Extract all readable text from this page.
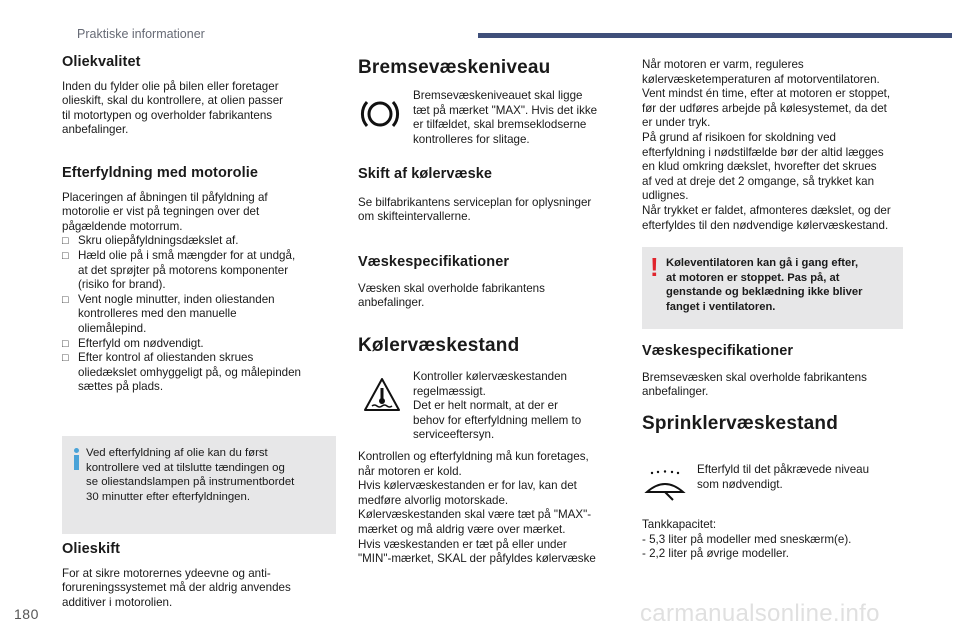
Praktiske informationer
Oliekvalitet

Inden du fylder olie på bilen eller foretager
olieskift, skal du kontrollere, at olien passer
til motortypen og overholder fabrikantens
anbefalinger.

Efterfyldning med motorolie

Placeringen af åbningen til påfyldning af
motorolie er vist på tegningen over det
pågældende motorrum.

□ Skru oliepåfyldningsdækslet af.
□ Hæld olie på i små mængder for at undgå,
at det sprøjter på motorens komponenter
(risiko for brand).
□ Vent nogle minutter, inden oliestanden
kontrolleres med den manuelle
oliemålepind.
□ Efterfyld om nødvendigt.
□ Efter kontrol af oliestanden skrues
oliedækslet omhyggeligt på, og målepinden
sættes på plads.
Ved efterfyldning af olie kan du først
kontrollere ved at tilslutte tændingen og
se oliestandslampen på instrumentbordet
30 minutter efter efterfyldningen.
Olieskift

For at sikre motorernes ydeevne og anti-
forureningssystemet må der aldrig anvendes
additiver i motorolien.

Bremsevæskeniveau

Bremsevæskeniveauet skal ligge
tæt på mærket "MAX". Hvis det ikke
er tilfældet, skal bremseklodserne
kontrolleres for slitage.

Skift af kølervæske

Se bilfabrikantens serviceplan for oplysninger
om skifteintervallerne.

Væskespecifikationer

Væsken skal overholde fabrikantens
anbefalinger.

Kølervæskestand

Kontroller kølervæskestanden
regelmæssigt.
Det er helt normalt, at der er
behov for efterfyldning mellem to
serviceeftersyn.

Kontrollen og efterfyldning må kun foretages,
når motoren er kold.
Hvis kølervæskestanden er for lav, kan det
medføre alvorlig motorskade.
Kølervæskestanden skal være tæt på "MAX"-
mærket og må aldrig være over mærket.
Hvis væskestanden er tæt på eller under
"MIN"-mærket, SKAL der påfyldes kølervæske

Når motoren er varm, reguleres
kølervæsketemperaturen af motorventilatoren.
Vent mindst én time, efter at motoren er stoppet,
før der udføres arbejde på kølesystemet, da det
er under tryk.
På grund af risikoen for skoldning ved
efterfyldning i nødstilfælde bør der altid lægges
en klud omkring dækslet, hvorefter det skrues
af ved at dreje det 2 omgange, så trykket kan
udlignes.
Når trykket er faldet, afmonteres dækslet, og der
efterfyldes til den nødvendige kølervæskestand.

! Køleventilatoren kan gå i gang efter,
at motoren er stoppet. Pas på, at
genstande og beklædning ikke bliver
fanget i ventilatoren.
Væskespecifikationer

Bremsevæsken skal overholde fabrikantens
anbefalinger.

Sprinklervæskestand

Efterfyld til det påkrævede niveau
som nødvendigt.

Tankkapacitet:

- 5,3 liter på modeller med sneskærm(e).

- 2,2 liter på øvrige modeller.

180	carmanualsonline.info
